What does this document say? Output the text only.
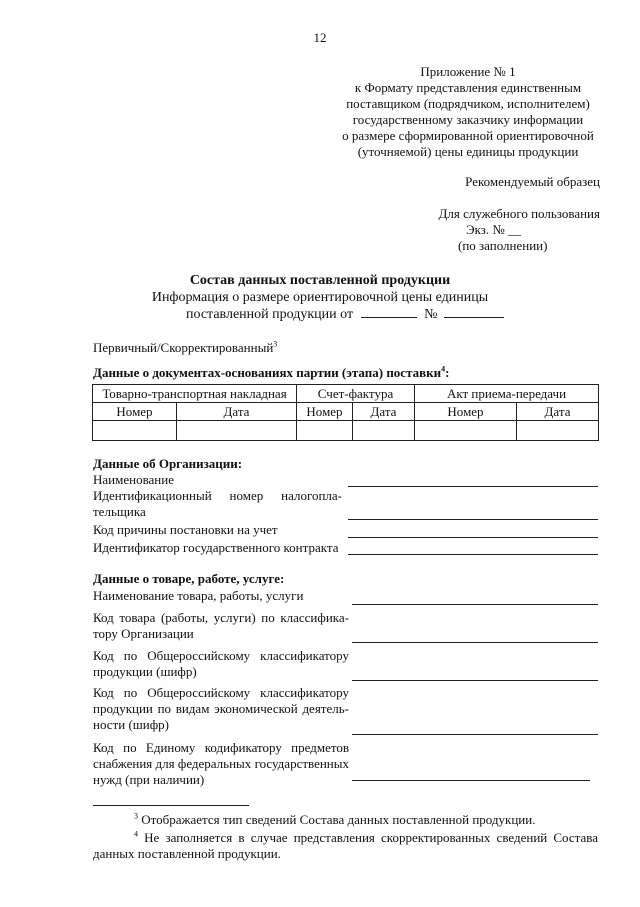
12
Приложение № 1
к Формату представления единственным
поставщиком (подрядчиком, исполнителем)
государственному заказчику информации
о размере сформированной ориентировочной
(уточняемой) цены единицы продукции
Рекомендуемый образец
Для служебного пользования
Экз. № __
(по заполнении)
Состав данных поставленной продукции
Информация о размере ориентировочной цены единицы
поставленной продукции от	№
Первичный/Скорректированный$^3$
Данные о документах-основаниях партии (этапа) поставки$^4$:
Товарно-транспортная накладная		Счет-фактура		Акт приема-передачи	
Номер	Дата	Номер	Дата	Номер	Дата

Данные об Организации:
Наименование
Идентификационный номер налогопла-
тельщика
Код причины постановки на учет
Идентификатор государственного контракта
Данные о товаре, работе, услуге:
Наименование товара, работы, услуги
Код товара (работы, услуги) по классифика-
тору Организации
Код по Общероссийскому классификатору
продукции (шифр)
Код по Общероссийскому классификатору
продукции по видам экономической деятель-
ности (шифр)
Код по Единому кодификатору предметов
снабжения для федеральных государственных
нужд (при наличии)
$^3$ Отображается тип сведений Состава данных поставленной продукции.
$^4$ Не заполняется в случае представления скорректированных сведений Состава
данных поставленной продукции.
